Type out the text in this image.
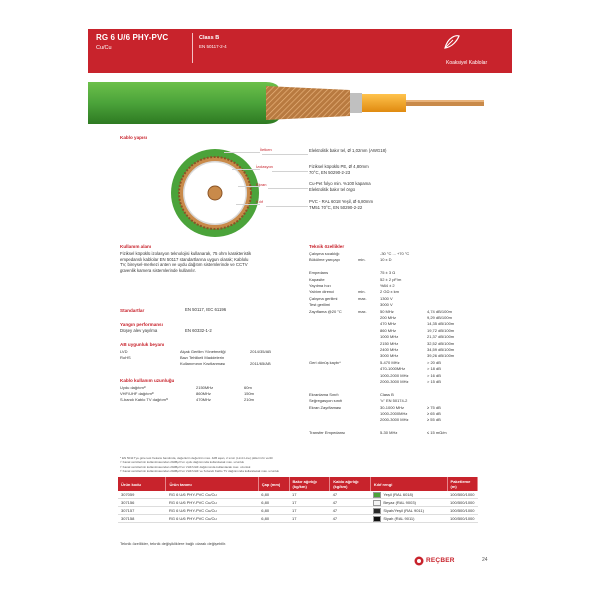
RG 6 U/6 PHY-PVC
Cu/Cu
Class B
EN 50117-2-4
Koaksiyel Kablolar
Kablo yapısı
İletken
İzolasyon
Ekran
Kılıf
Elektrolitik bakır tel, Ø 1,02mm (AWG18)
Fiziksel köpüklü PE, Ø 4,80mm
70°C, EN 50290-2-23
Cu-Pet folyo min. %100 kapama
Elektrolitik bakır tel örgü
PVC - RAL 6018 Yeşil, Ø 6,80mm
TM51 70°C, EN 50290-2-22
Kullanım alanı
Fiziksel köpüklü izolasyon teknolojisi kullanarak, 75 ohm karakteristik
empedanslı kablolar EN 50117 standartlarına uygun olarak; Kablolu
TV, bireysel-merkezi anten ve uydu dağıtım sistemlerinde ve CCTV
güvenlik kamera sistemlerinde kullanılır.
Standartlar	EN 50117, IEC 61196
Yangın performansı
Düşey alev yayılma	EN 60332-1-2
AB uygunluk beyanı
LVD	Alçak Gerilim Yönetmeliği	2014/35/AB
RoHS	Bazı Tehlikeli Maddelerin
Kullanımının Kısıtlanması	2011/65/AB
Kablo kullanım uzunluğu
Uydu dağıtım¹⁾	2150MHz	60m
VHF/UHF dağıtım²⁾	860MHz	150m
S-bandı Kablo TV dağıtım³⁾	470MHz	210m
Teknik özellikler
Çalışma sıcaklığı	-30 °C ... +70 °C
Bükülme yarıçapı	min.	10 x D
Empedans	75 ± 3 Ω
Kapasite	52 ± 2 pF/m
Yayılma hızı	%84 ± 2
Yalıtım direnci	min.	2 GΩ x km
Çalışma gerilimi	max.	1300 V
Test gerilimi	3000 V
Zayıflama @20 °C	max.	50 MHz	4,74 dB/100m
200 MHz	9,29 dB/100m
470 MHz	14,35 dB/100m
860 MHz	19,72 dB/100m
1000 MHz	21,37 dB/100m
2150 MHz	32,52 dB/100m
2400 MHz	34,59 dB/100m
3000 MHz	39,26 dB/100m
Geri dönüş kaybı*	5-470 MHz	> 20 dB
470-1000MHz	> 18 dB
1000-2000 MHz	> 16 dB
2000-3000 MHz	> 15 dB
Ekranlama Sınıfı	Class B
Seğregasyon sınıfı	"c" EN 50174-2
Ekran Zayıflaması	30-1000 MHz	≥ 75 dB
1000-2000MHz	≥ 65 dB
2000-3000 MHz	≥ 55 dB
Transfer Empedansı	5-30 MHz	≤ 15 mΩ/m
* EN 50117'ye göre test frekans bandında, değerlerin değerinin max. 4dB aşan, 2 sınırı (Limit Line) pikleri izin verilir
¹⁾ Kanal vericilerinin kullanılmasından 20dBμV'un uydu dağıtımında kullanılacak max. uzunluk
²⁾ Kanal vericilerinin kullanılmasından 20dBμV'un VHF/UHF dağıtımında kullanılacak max. uzunluk
³⁾ Kanal vericilerinin kullanılmasından 20dBμV'un VHF/UHF ve S-bandı Kablo TV dağıtımında kullanılacak max. uzunluk
Ürün kodu	Ürün tanımı	Çap (mm)	Bakır ağırlığı (kg/km)	Kablo ağırlığı (kg/km)	Kılıf rengi	Paketleme (m)
307059	RG 6 U/6 PHY-PVC Cu/Cu	6,80	17	47	Yeşil (RAL 6018)	100/500/1000
307156	RG 6 U/6 PHY-PVC Cu/Cu	6,80	17	47	Beyaz (RAL 9003)	100/500/1000
307157	RG 6 U/6 PHY-PVC Cu/Cu	6,80	17	47	Siyah/Yeşil (RAL 9011)	100/500/1000
307158	RG 6 U/6 PHY-PVC Cu/Cu	6,80	17	47	Siyah (RAL 9011)	100/500/1000
Teknik özellikler, teknik değişikliklere bağlı olarak değişebilir.
REÇBER	24
